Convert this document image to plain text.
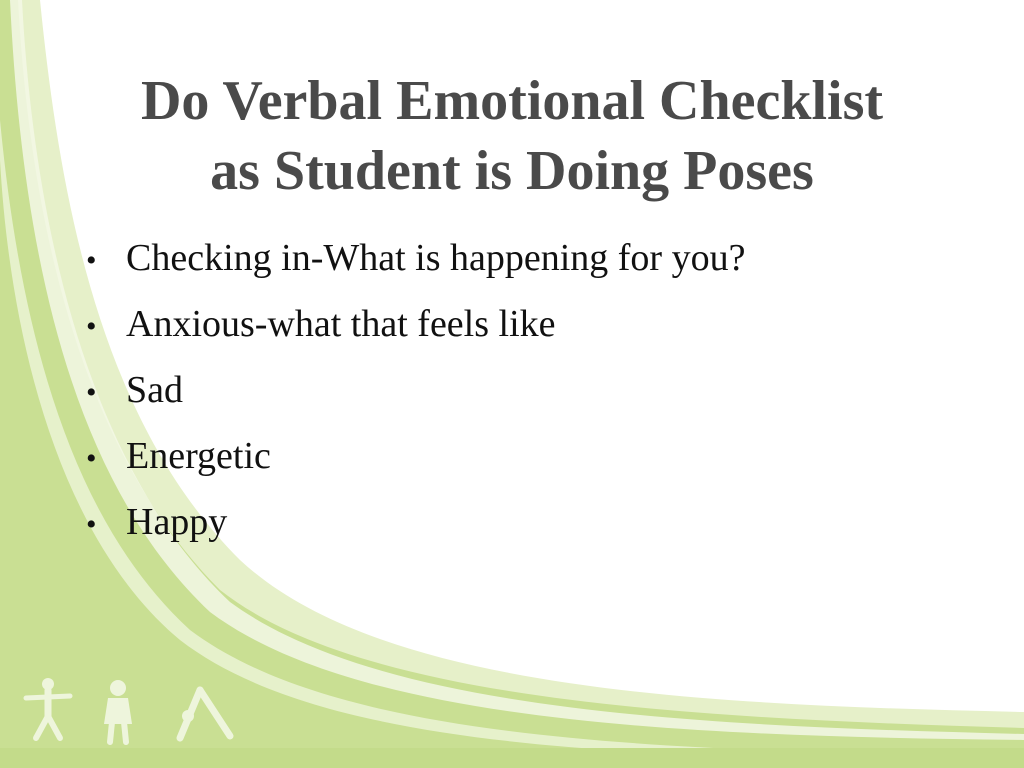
Do Verbal Emotional Checklist
as Student is Doing Poses
• Checking in-What is happening for you?
• Anxious-what that feels like
• Sad
• Energetic
• Happy
